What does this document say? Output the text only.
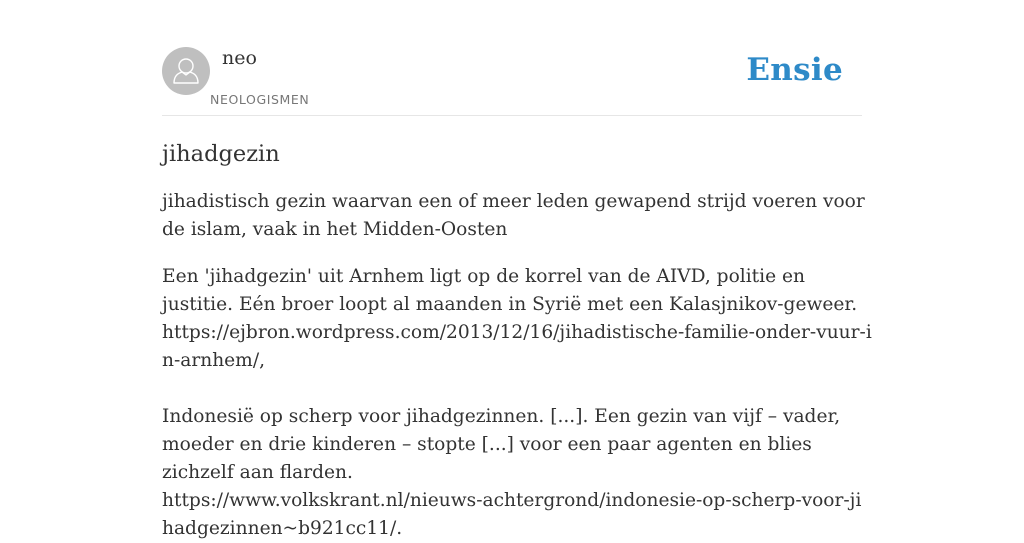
neo
NEOLOGISMEN
Ensie
jihadgezin

jihadistisch gezin waarvan een of meer leden gewapend strijd voeren voor de islam, vaak in het Midden-Oosten

Een 'jihadgezin' uit Arnhem ligt op de korrel van de AIVD, politie en justitie. Eén broer loopt al maanden in Syrië met een Kalasjnikov-geweer.

https://ejbron.wordpress.com/2013/12/16/jihadistische-familie-onder-vuur-in-arnhem/,

Indonesië op scherp voor jihadgezinnen. [...]. Een gezin van vijf – vader, moeder en drie kinderen – stopte [...] voor een paar agenten en blies zichzelf aan flarden.

https://www.volkskrant.nl/nieuws-achtergrond/indonesie-op-scherp-voor-jihadgezinnen~b921cc11/.
